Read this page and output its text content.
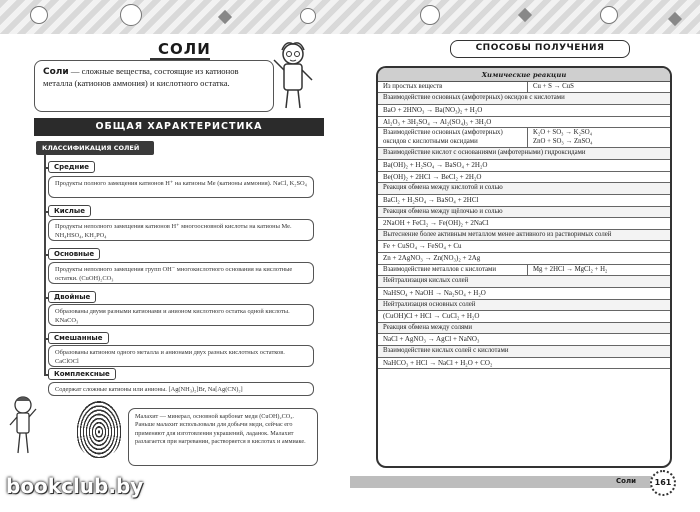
СОЛИ
Соли — сложные вещества, состоящие из катионов металла (катионов аммония) и кислотного остатка.
ОБЩАЯ ХАРАКТЕРИСТИКА
КЛАССИФИКАЦИЯ СОЛЕЙ
Средние
Продукты полного замещения катионов H⁺ на катионы Me (катионы аммония). NaCl, K₂SO₄
Кислые
Продукты неполного замещения катионов H⁺ многоосновной кислоты на катионы Me. NH₄HSO₄, KH₂PO₄
Основные
Продукты неполного замещения групп OH⁻ многокислотного основания на кислотные остатки. (CuOH)₂CO₃
Двойные
Образованы двумя разными катионами и анионом кислотного остатка одной кислоты. KNaCO₃
Смешанные
Образованы катионом одного металла и анионами двух разных кислотных остатков. CaClOCl
Комплексные
Содержат сложные катионы или анионы. [Ag(NH₃)₂]Br, Na[Ag(CN)₂]
Малахит — минерал, основной карбонат меди (CuOH)₂CO₃. Раньше малахит использовали для добычи меди, сейчас его применяют для изготовления украшений, ладанок. Малахит разлагается при нагревании, растворяется в кислотах и аммиаке.
СПОСОБЫ ПОЛУЧЕНИЯ
Химические реакции
Из простых веществ	Cu + S → CuS
Взаимодействие основных (амфотерных) оксидов с кислотами
BaO + 2HNO₃ → Ba(NO₃)₂ + H₂O
Al₂O₃ + 3H₂SO₄ → Al₂(SO₄)₃ + 3H₂O
Взаимодействие основных (амфотерных) оксидов с кислотными оксидами
K₂O + SO₃ → K₂SO₄
ZnO + SO₃ → ZnSO₄
Взаимодействие кислот с основаниями (амфотерными) гидроксидами
Ba(OH)₂ + H₂SO₄ → BaSO₄ + 2H₂O
Be(OH)₂ + 2HCl → BeCl₂ + 2H₂O
Реакция обмена между кислотой и солью
BaCl₂ + H₂SO₄ → BaSO₄ + 2HCl
Реакция обмена между щёлочью и солью
2NaOH + FeCl₂ → Fe(OH)₂ + 2NaCl
Вытеснение более активным металлом менее активного из растворимых солей
Fe + CuSO₄ → FeSO₄ + Cu
Zn + 2AgNO₃ → Zn(NO₃)₂ + 2Ag
Взаимодействие металлов с кислотами	Mg + 2HCl → MgCl₂ + H₂
Нейтрализация кислых солей
NaHSO₄ + NaOH → Na₂SO₄ + H₂O
Нейтрализация основных солей
(CuOH)Cl + HCl → CuCl₂ + H₂O
Реакция обмена между солями
NaCl + AgNO₃ → AgCl + NaNO₃
Взаимодействие кислых солей с кислотами
NaHCO₃ + HCl → NaCl + H₂O + CO₂
Соли	161
bookclub.by
